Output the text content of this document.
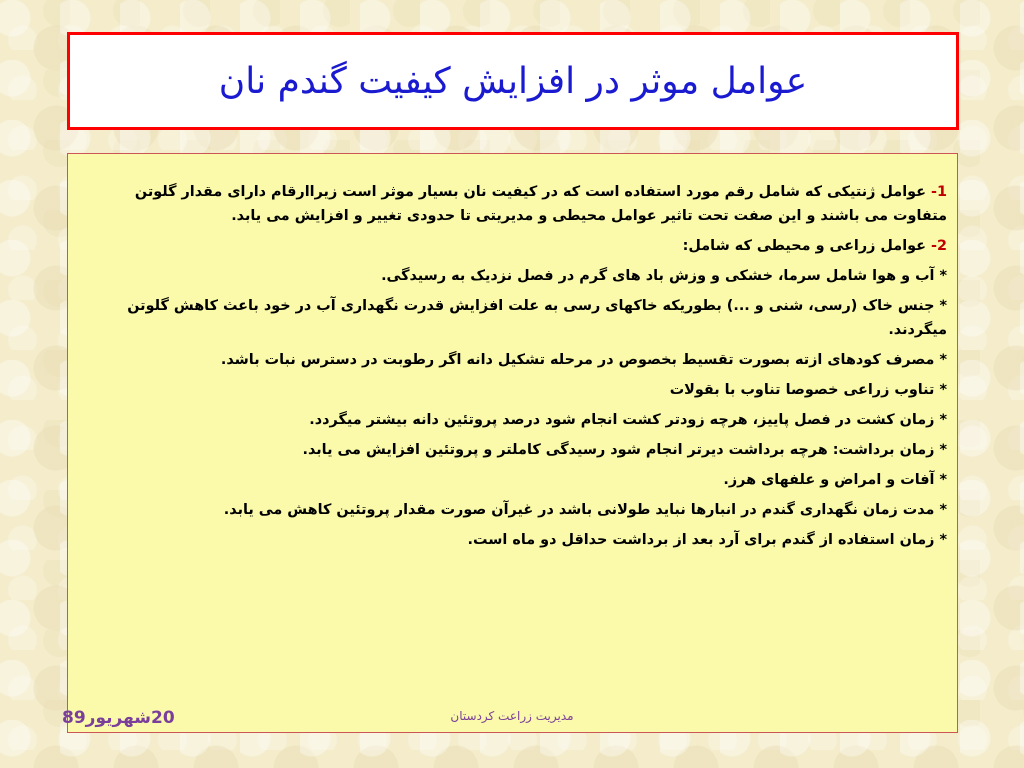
عوامل موثر در افزایش کیفیت گندم نان

1- عوامل ژنتیکی که شامل رقم مورد استفاده است که در کیفیت نان بسیار موثر است زیراارقام دارای مقدار گلوتن متفاوت می باشند و این صفت تحت تاثیر عوامل محیطی و مدیریتی تا حدودی تغییر و افزایش می یابد.

2- عوامل زراعی و محیطی که شامل:

* آب و هوا شامل سرما، خشکی و وزش باد های گرم در فصل نزدیک به رسیدگی.

* جنس خاک (رسی، شنی و ...) بطوریکه خاکهای رسی به علت افزایش قدرت نگهداری آب در خود باعث کاهش گلوتن میگردند.

* مصرف کودهای ازته بصورت تقسیط بخصوص در مرحله تشکیل دانه اگر رطوبت در دسترس نبات باشد.

* تناوب زراعی خصوصا تناوب با بقولات

* زمان کشت در فصل پاییز، هرچه زودتر کشت انجام شود درصد پروتئین دانه بیشتر میگردد.

* زمان برداشت: هرچه برداشت دیرتر انجام شود رسیدگی کاملتر و پروتئین افزایش می یابد.

* آفات و امراض و علفهای هرز.

* مدت زمان نگهداری گندم در انبارها نباید طولانی باشد در غیرآن صورت مقدار پروتئین کاهش می یابد.

* زمان استفاده از گندم برای آرد بعد از برداشت حداقل دو ماه است.

20شهریور89	مدیریت زراعت کردستان
